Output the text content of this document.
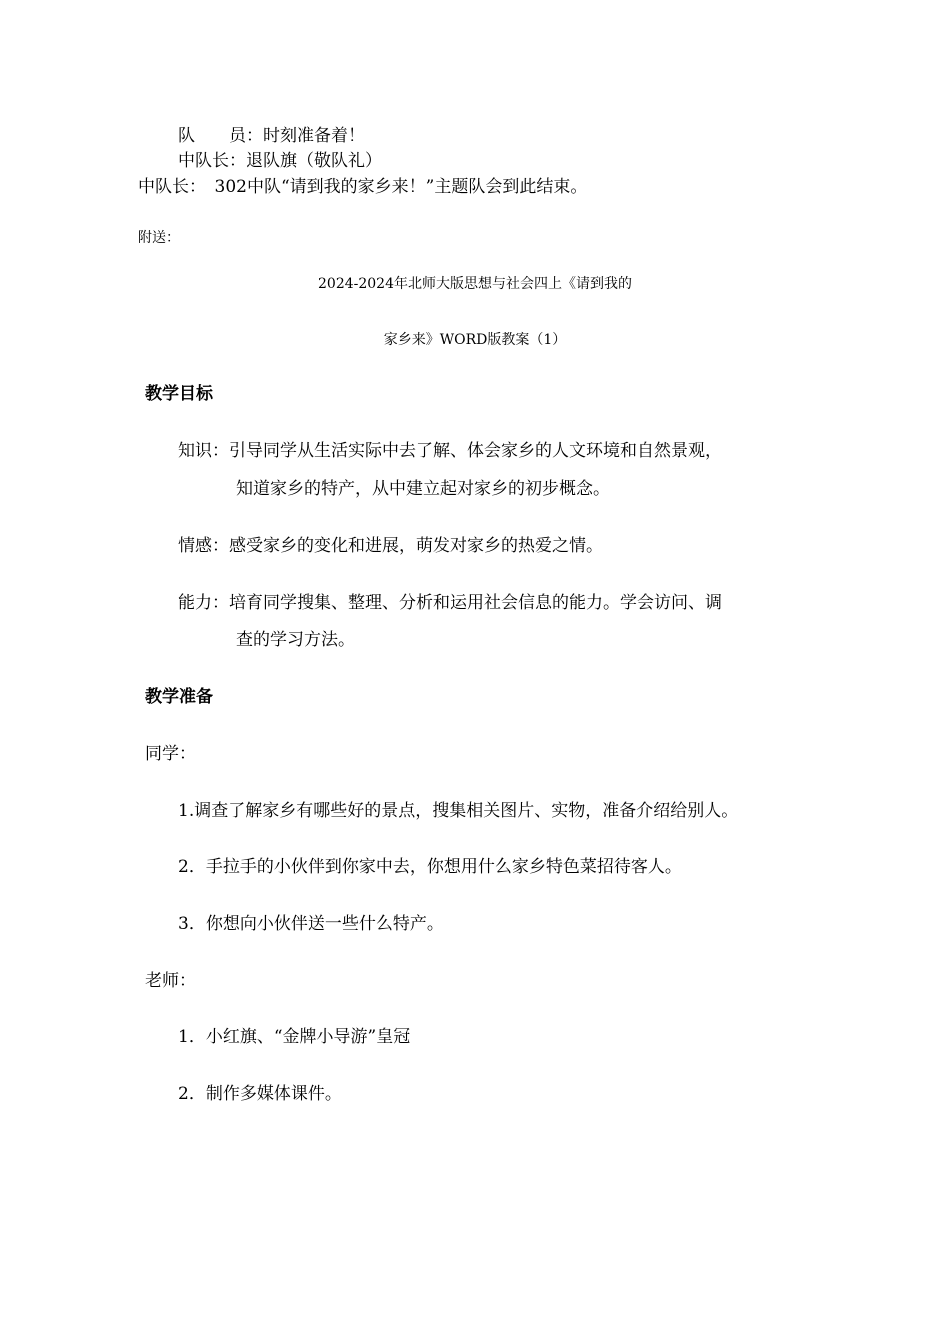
队　　员：时刻准备着！
中队长：退队旗（敬队礼）
中队长：　302中队“请到我的家乡来！”主题队会到此结束。
附送：
2024-2024年北师大版思想与社会四上《请到我的
家乡来》WORD版教案（1）
教学目标
知识：引导同学从生活实际中去了解、体会家乡的人文环境和自然景观，
知道家乡的特产，从中建立起对家乡的初步概念。
情感：感受家乡的变化和进展，萌发对家乡的热爱之情。
能力：培育同学搜集、整理、分析和运用社会信息的能力。学会访问、调
查的学习方法。
教学准备
同学：
1.调查了解家乡有哪些好的景点，搜集相关图片、实物，准备介绍给别人。
2．手拉手的小伙伴到你家中去，你想用什么家乡特色菜招待客人。
3．你想向小伙伴送一些什么特产。
老师：
1．小红旗、“金牌小导游”皇冠
2．制作多媒体课件。
